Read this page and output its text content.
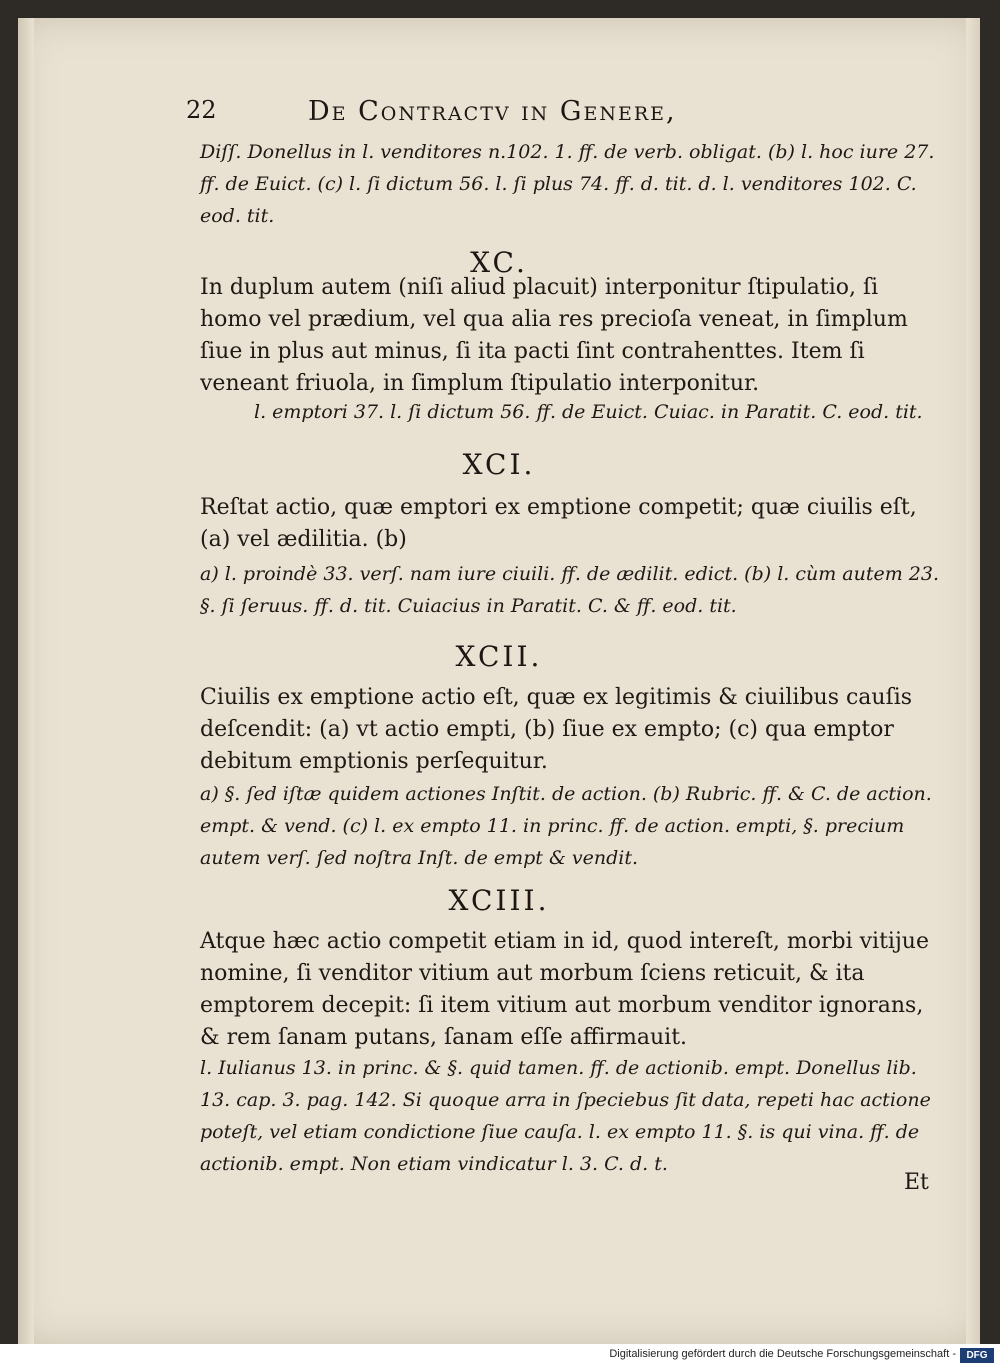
22	De Contractv in Genere,
Diſſ. Donellus in l. venditores n.102. 1. ff. de verb. obligat. (b) l. hoc iure 27. ff. de Euict. (c) l. ſi dictum 56. l. ſi plus 74. ff. d. tit. d. l. venditores 102. C. eod. tit.
XC.
In duplum autem (niſi aliud placuit) interponitur ſtipulatio, ſi homo vel prædium, vel qua alia res precioſa veneat, in ſimplum ſiue in plus aut minus, ſi ita pacti ſint contrahenttes. Item ſi veneant friuola, in ſimplum ſtipulatio interponitur.
l. emptori 37. l. ſi dictum 56. ff. de Euict. Cuiac. in Paratit. C. eod. tit.
XCI.
Reſtat actio, quæ emptori ex emptione competit; quæ ciuilis eſt, (a) vel ædilitia. (b)
a) l. proindè 33. verſ. nam iure ciuili. ff. de ædilit. edict. (b) l. cùm autem 23. §. ſi ſeruus. ff. d. tit. Cuiacius in Paratit. C. & ff. eod. tit.
XCII.
Ciuilis ex emptione actio eſt, quæ ex legitimis & ciuilibus cauſis deſcendit: (a) vt actio empti, (b) ſiue ex empto; (c) qua emptor debitum emptionis perſequitur.
a) §. ſed iſtæ quidem actiones Inſtit. de action. (b) Rubric. ff. & C. de action. empt. & vend. (c) l. ex empto 11. in princ. ff. de action. empti, §. precium autem verſ. ſed noſtra Inſt. de empt & vendit.
XCIII.
Atque hæc actio competit etiam in id, quod intereſt, morbi vitijue nomine, ſi venditor vitium aut morbum ſciens reticuit, & ita emptorem decepit: ſi item vitium aut morbum venditor ignorans, & rem ſanam putans, ſanam eſſe affirmauit.
l. Iulianus 13. in princ. & §. quid tamen. ff. de actionib. empt. Donellus lib. 13. cap. 3. pag. 142. Si quoque arra in ſpeciebus ſit data, repeti hac actione poteſt, vel etiam condictione ſiue cauſa. l. ex empto 11. §. is qui vina. ff. de actionib. empt. Non etiam vindicatur l. 3. C. d. t.
Et
Digitalisierung gefördert durch die Deutsche Forschungsgemeinschaft -	DFG
